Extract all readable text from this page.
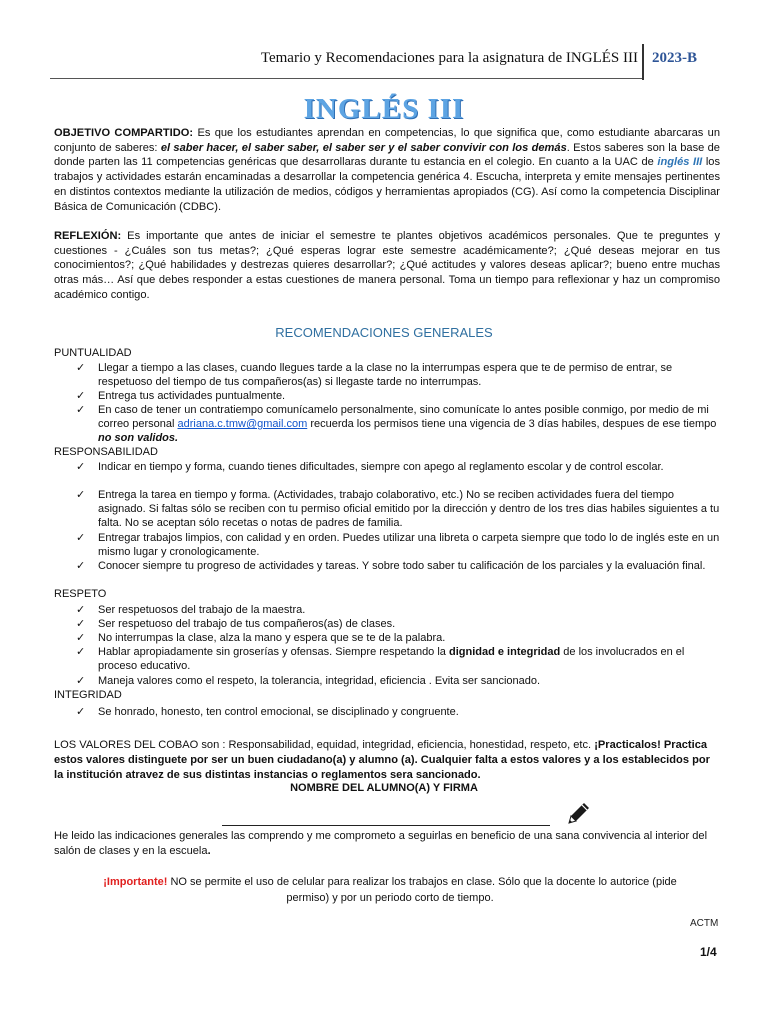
Temario y Recomendaciones para la asignatura de INGLÉS III 2023-B
INGLÉS III
OBJETIVO COMPARTIDO: Es que los estudiantes aprendan en competencias, lo que significa que, como estudiante abarcaras un conjunto de saberes: el saber hacer, el saber saber, el saber ser y el saber convivir con los demás. Estos saberes son la base de donde parten las 11 competencias genéricas que desarrollaras durante tu estancia en el colegio. En cuanto a la UAC de inglés III los trabajos y actividades estarán encaminadas a desarrollar la competencia genérica 4. Escucha, interpreta y emite mensajes pertinentes en distintos contextos mediante la utilización de medios, códigos y herramientas apropiados (CG). Así como la competencia Disciplinar Básica de Comunicación (CDBC).
REFLEXIÓN: Es importante que antes de iniciar el semestre te plantes objetivos académicos personales. Que te preguntes y cuestiones - ¿Cuáles son tus metas?; ¿Qué esperas lograr este semestre académicamente?; ¿Qué deseas mejorar en tus conocimientos?; ¿Qué habilidades y destrezas quieres desarrollar?; ¿Qué actitudes y valores deseas aplicar?; bueno entre muchas otras más… Así que debes responder a estas cuestiones de manera personal. Toma un tiempo para reflexionar y haz un compromiso académico contigo.
RECOMENDACIONES GENERALES
PUNTUALIDAD
✓ Llegar a tiempo a las clases, cuando llegues tarde a la clase no la interrumpas espera que te de permiso de entrar, se respetuoso del tiempo de tus compañeros(as) si llegaste tarde no interrumpas.
✓ Entrega tus actividades puntualmente.
✓ En caso de tener un contratiempo comunícamelo personalmente, sino comunícate lo antes posible conmigo, por medio de mi correo personal adriana.c.tmw@gmail.com recuerda los permisos tiene una vigencia de 3 días habiles, despues de ese tiempo no son validos.
RESPONSABILIDAD
✓ Indicar en tiempo y forma, cuando tienes dificultades, siempre con apego al reglamento escolar y de control escolar.
✓ Entrega la tarea en tiempo y forma. (Actividades, trabajo colaborativo, etc.) No se reciben actividades fuera del tiempo asignado. Si faltas sólo se reciben con tu permiso oficial emitido por la dirección y dentro de los tres dias habiles siguientes a tu falta. No se aceptan sólo recetas o notas de padres de familia.
✓ Entregar trabajos limpios, con calidad y en orden. Puedes utilizar una libreta o carpeta siempre que todo lo de inglés este en un mismo lugar y cronologicamente.
✓ Conocer siempre tu progreso de actividades y tareas. Y sobre todo saber tu calificación de los parciales y la evaluación final.
RESPETO
✓ Ser respetuosos del trabajo de la maestra.
✓ Ser respetuoso del trabajo de tus compañeros(as) de clases.
✓ No interrumpas la clase, alza la mano y espera que se te de la palabra.
✓ Hablar apropiadamente sin groserías y ofensas. Siempre respetando la dignidad e integridad de los involucrados en el proceso educativo.
✓ Maneja valores como el respeto, la tolerancia, integridad, eficiencia . Evita ser sancionado.
INTEGRIDAD
✓ Se honrado, honesto, ten control emocional, se disciplinado y congruente.
LOS VALORES DEL COBAO son : Responsabilidad, equidad, integridad, eficiencia, honestidad, respeto, etc. ¡Practicalos! Practica estos valores distinguete por ser un buen ciudadano(a) y alumno (a). Cualquier falta a estos valores y a los establecidos por la institución atravez de sus distintas instancias o reglamentos sera sancionado.
NOMBRE DEL ALUMNO(A) Y FIRMA
He leido las indicaciones generales las comprendo y me comprometo a seguirlas en beneficio de una sana convivencia al interior del salón de clases y en la escuela.
¡Importante! NO se permite el uso de celular para realizar los trabajos en clase. Sólo que la docente lo autorice (pide permiso) y por un periodo corto de tiempo.
ACTM
1/4
